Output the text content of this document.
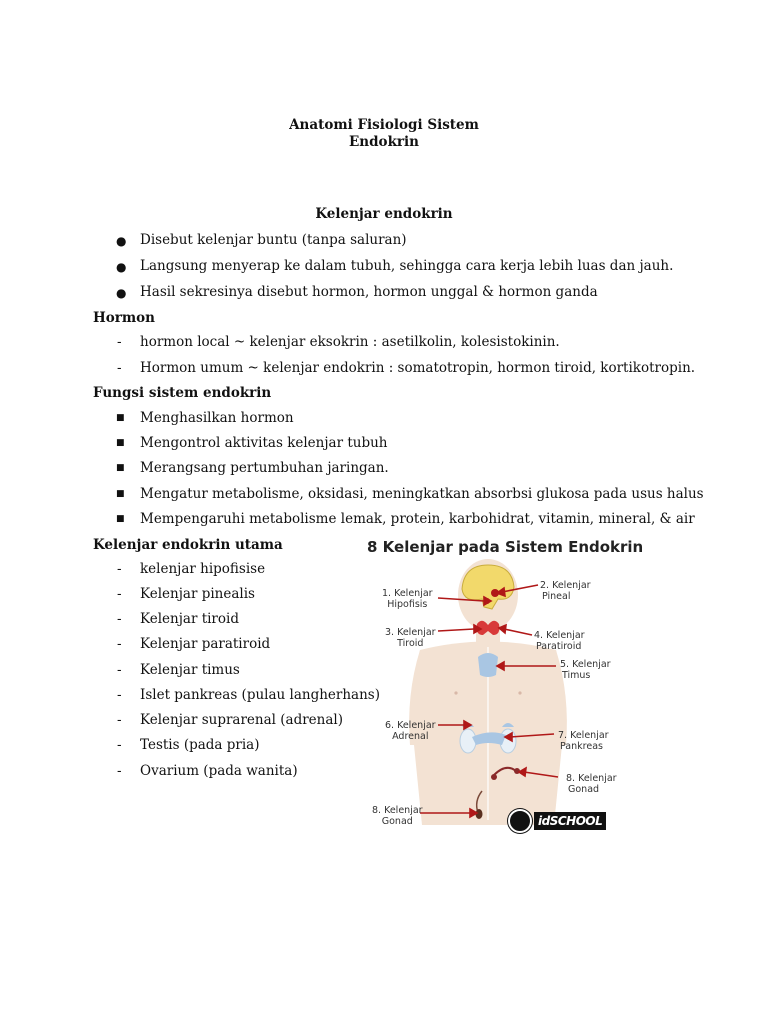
Anatomi Fisiologi Sistem
Endokrin
Kelenjar endokrin
● Disebut kelenjar buntu (tanpa saluran)
● Langsung menyerap ke dalam tubuh, sehingga cara kerja lebih luas dan jauh.
● Hasil sekresinya disebut hormon, hormon unggal & hormon ganda
Hormon
- hormon local ~ kelenjar eksokrin : asetilkolin, kolesistokinin.
- Hormon umum ~ kelenjar endokrin : somatotropin, hormon tiroid, kortikotropin.
Fungsi sistem endokrin
■ Menghasilkan hormon
■ Mengontrol aktivitas kelenjar tubuh
■ Merangsang pertumbuhan jaringan.
■ Mengatur metabolisme, oksidasi, meningkatkan absorbsi glukosa pada usus halus
■ Mempengaruhi metabolisme lemak, protein, karbohidrat, vitamin, mineral, & air
Kelenjar endokrin utama
- kelenjar hipofisise
- Kelenjar pinealis
- Kelenjar tiroid
- Kelenjar paratiroid
- Kelenjar timus
- Islet pankreas (pulau langherhans)
- Kelenjar suprarenal (adrenal)
- Testis (pada pria)
- Ovarium (pada wanita)
8 Kelenjar pada Sistem Endokrin
1. Kelenjar
Hipofisis
2. Kelenjar
Pineal
3. Kelenjar
Tiroid
4. Kelenjar
Paratiroid
5. Kelenjar
Timus
6. Kelenjar
Adrenal	7. Kelenjar
Pankreas
8. Kelenjar
Gonad
8. Kelenjar
Gonad	idSCHOOL
